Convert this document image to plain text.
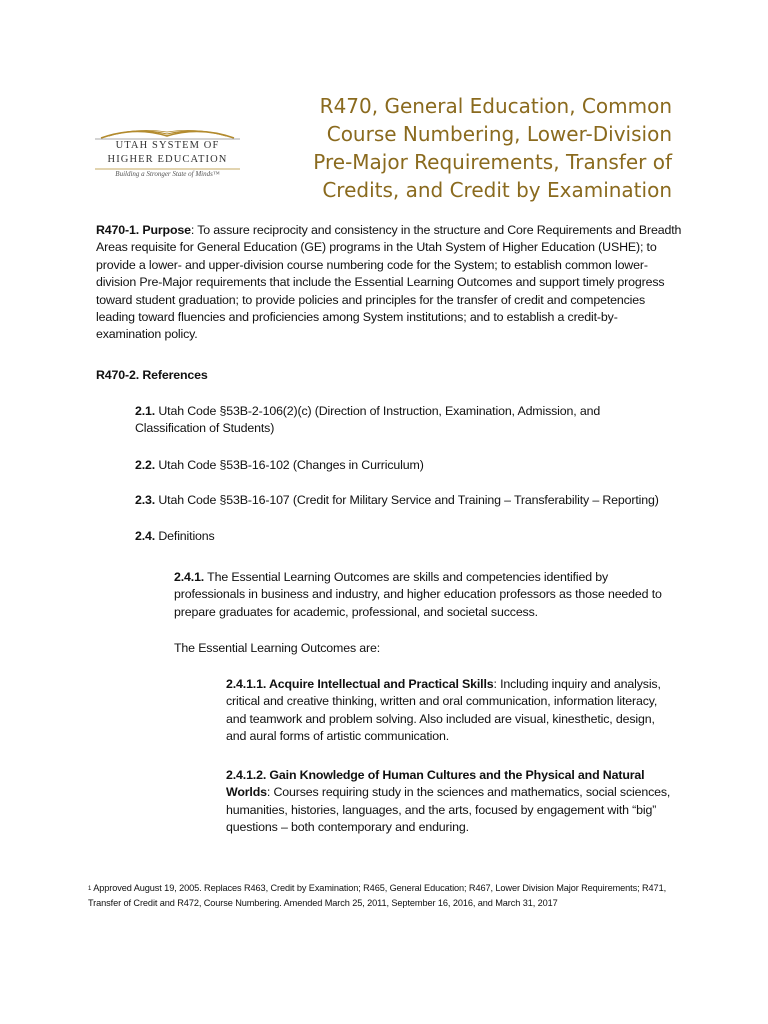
UTAH SYSTEM OF
HIGHER EDUCATION
Building a Stronger State of Minds™
R470, General Education, Common
Course Numbering, Lower-Division
Pre-Major Requirements, Transfer of
Credits, and Credit by Examination
R470-1. Purpose: To assure reciprocity and consistency in the structure and Core Requirements and Breadth Areas requisite for General Education (GE) programs in the Utah System of Higher Education (USHE); to provide a lower- and upper-division course numbering code for the System; to establish common lower-division Pre-Major requirements that include the Essential Learning Outcomes and support timely progress toward student graduation; to provide policies and principles for the transfer of credit and competencies leading toward fluencies and proficiencies among System institutions; and to establish a credit-by-examination policy.
R470-2. References
2.1. Utah Code §53B-2-106(2)(c) (Direction of Instruction, Examination, Admission, and Classification of Students)
2.2. Utah Code §53B-16-102 (Changes in Curriculum)
2.3. Utah Code §53B-16-107 (Credit for Military Service and Training – Transferability – Reporting)
2.4. Definitions
2.4.1. The Essential Learning Outcomes are skills and competencies identified by professionals in business and industry, and higher education professors as those needed to prepare graduates for academic, professional, and societal success.
The Essential Learning Outcomes are:
2.4.1.1. Acquire Intellectual and Practical Skills: Including inquiry and analysis, critical and creative thinking, written and oral communication, information literacy, and teamwork and problem solving. Also included are visual, kinesthetic, design, and aural forms of artistic communication.
2.4.1.2. Gain Knowledge of Human Cultures and the Physical and Natural Worlds: Courses requiring study in the sciences and mathematics, social sciences, humanities, histories, languages, and the arts, focused by engagement with “big” questions – both contemporary and enduring.
1 Approved August 19, 2005. Replaces R463, Credit by Examination; R465, General Education; R467, Lower Division Major Requirements; R471, Transfer of Credit and R472, Course Numbering. Amended March 25, 2011, September 16, 2016, and March 31, 2017
